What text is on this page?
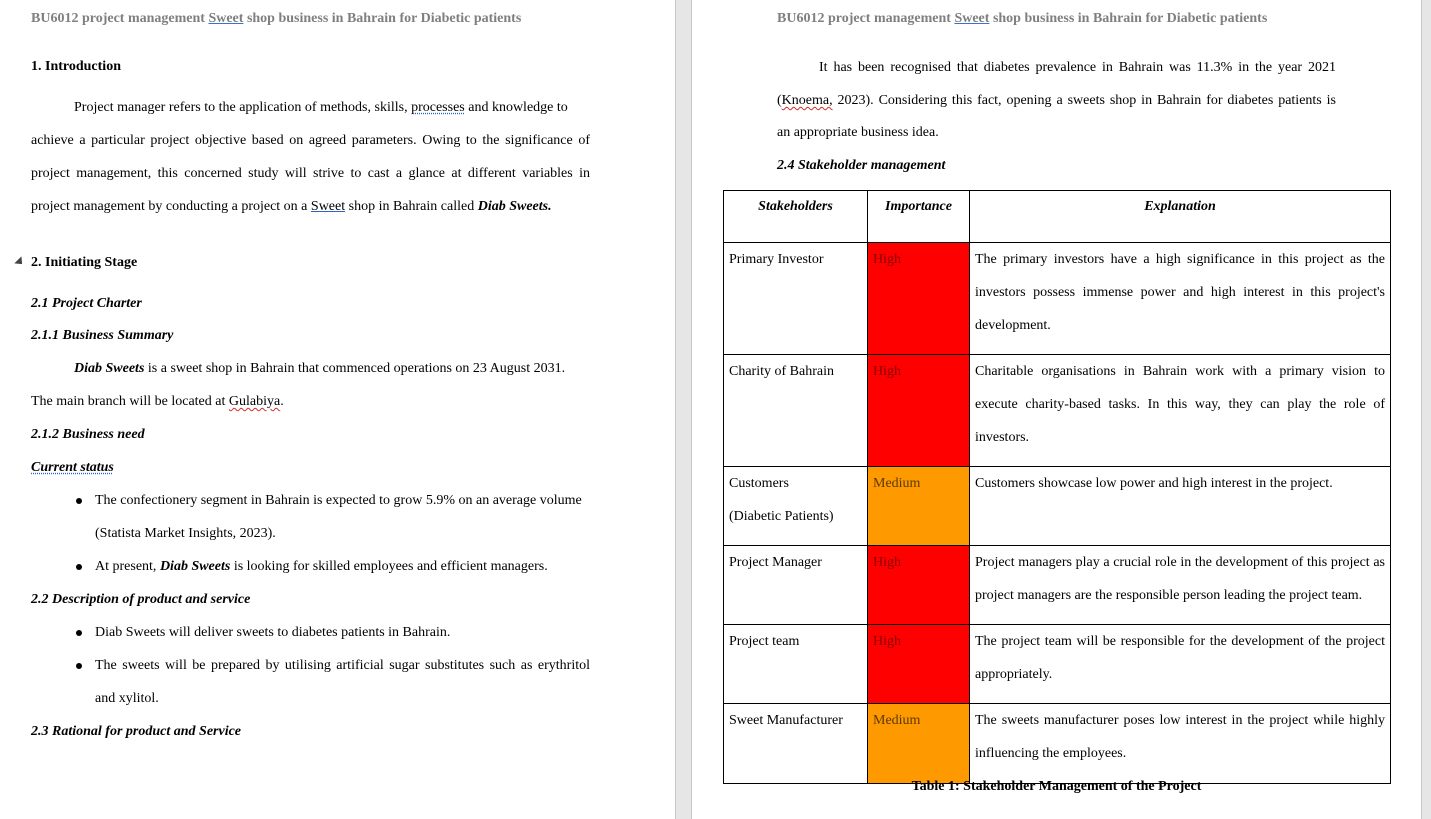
BU6012 project management Sweet shop business in Bahrain for Diabetic patients
1. Introduction
Project manager refers to the application of methods, skills, processes and knowledge to
achieve a particular project objective based on agreed parameters. Owing to the significance of
project management, this concerned study will strive to cast a glance at different variables in
project management by conducting a project on a Sweet shop in Bahrain called Diab Sweets.
2. Initiating Stage
2.1 Project Charter
2.1.1 Business Summary
Diab Sweets is a sweet shop in Bahrain that commenced operations on 23 August 2031.
The main branch will be located at Gulabiya.
2.1.2 Business need
Current status
The confectionery segment in Bahrain is expected to grow 5.9% on an average volume
(Statista Market Insights, 2023).
At present, Diab Sweets is looking for skilled employees and efficient managers.
2.2 Description of product and service
Diab Sweets will deliver sweets to diabetes patients in Bahrain.
The sweets will be prepared by utilising artificial sugar substitutes such as erythritol
and xylitol.
2.3 Rational for product and Service
BU6012 project management Sweet shop business in Bahrain for Diabetic patients
It has been recognised that diabetes prevalence in Bahrain was 11.3% in the year 2021
(Knoema, 2023). Considering this fact, opening a sweets shop in Bahrain for diabetes patients is
an appropriate business idea.
2.4 Stakeholder management
Stakeholders	Importance	Explanation
Primary Investor	High	The primary investors have a high significance in this project as the investors possess immense power and high interest in this project's development.
Charity of Bahrain	High	Charitable organisations in Bahrain work with a primary vision to execute charity-based tasks. In this way, they can play the role of investors.
Customers
(Diabetic Patients)	Medium	Customers showcase low power and high interest in the project.
Project Manager	High	Project managers play a crucial role in the development of this project as project managers are the responsible person leading the project team.
Project team	High	The project team will be responsible for the development of the project appropriately.
Sweet Manufacturer	Medium	The sweets manufacturer poses low interest in the project while highly influencing the employees.
Table 1: Stakeholder Management of the Project
